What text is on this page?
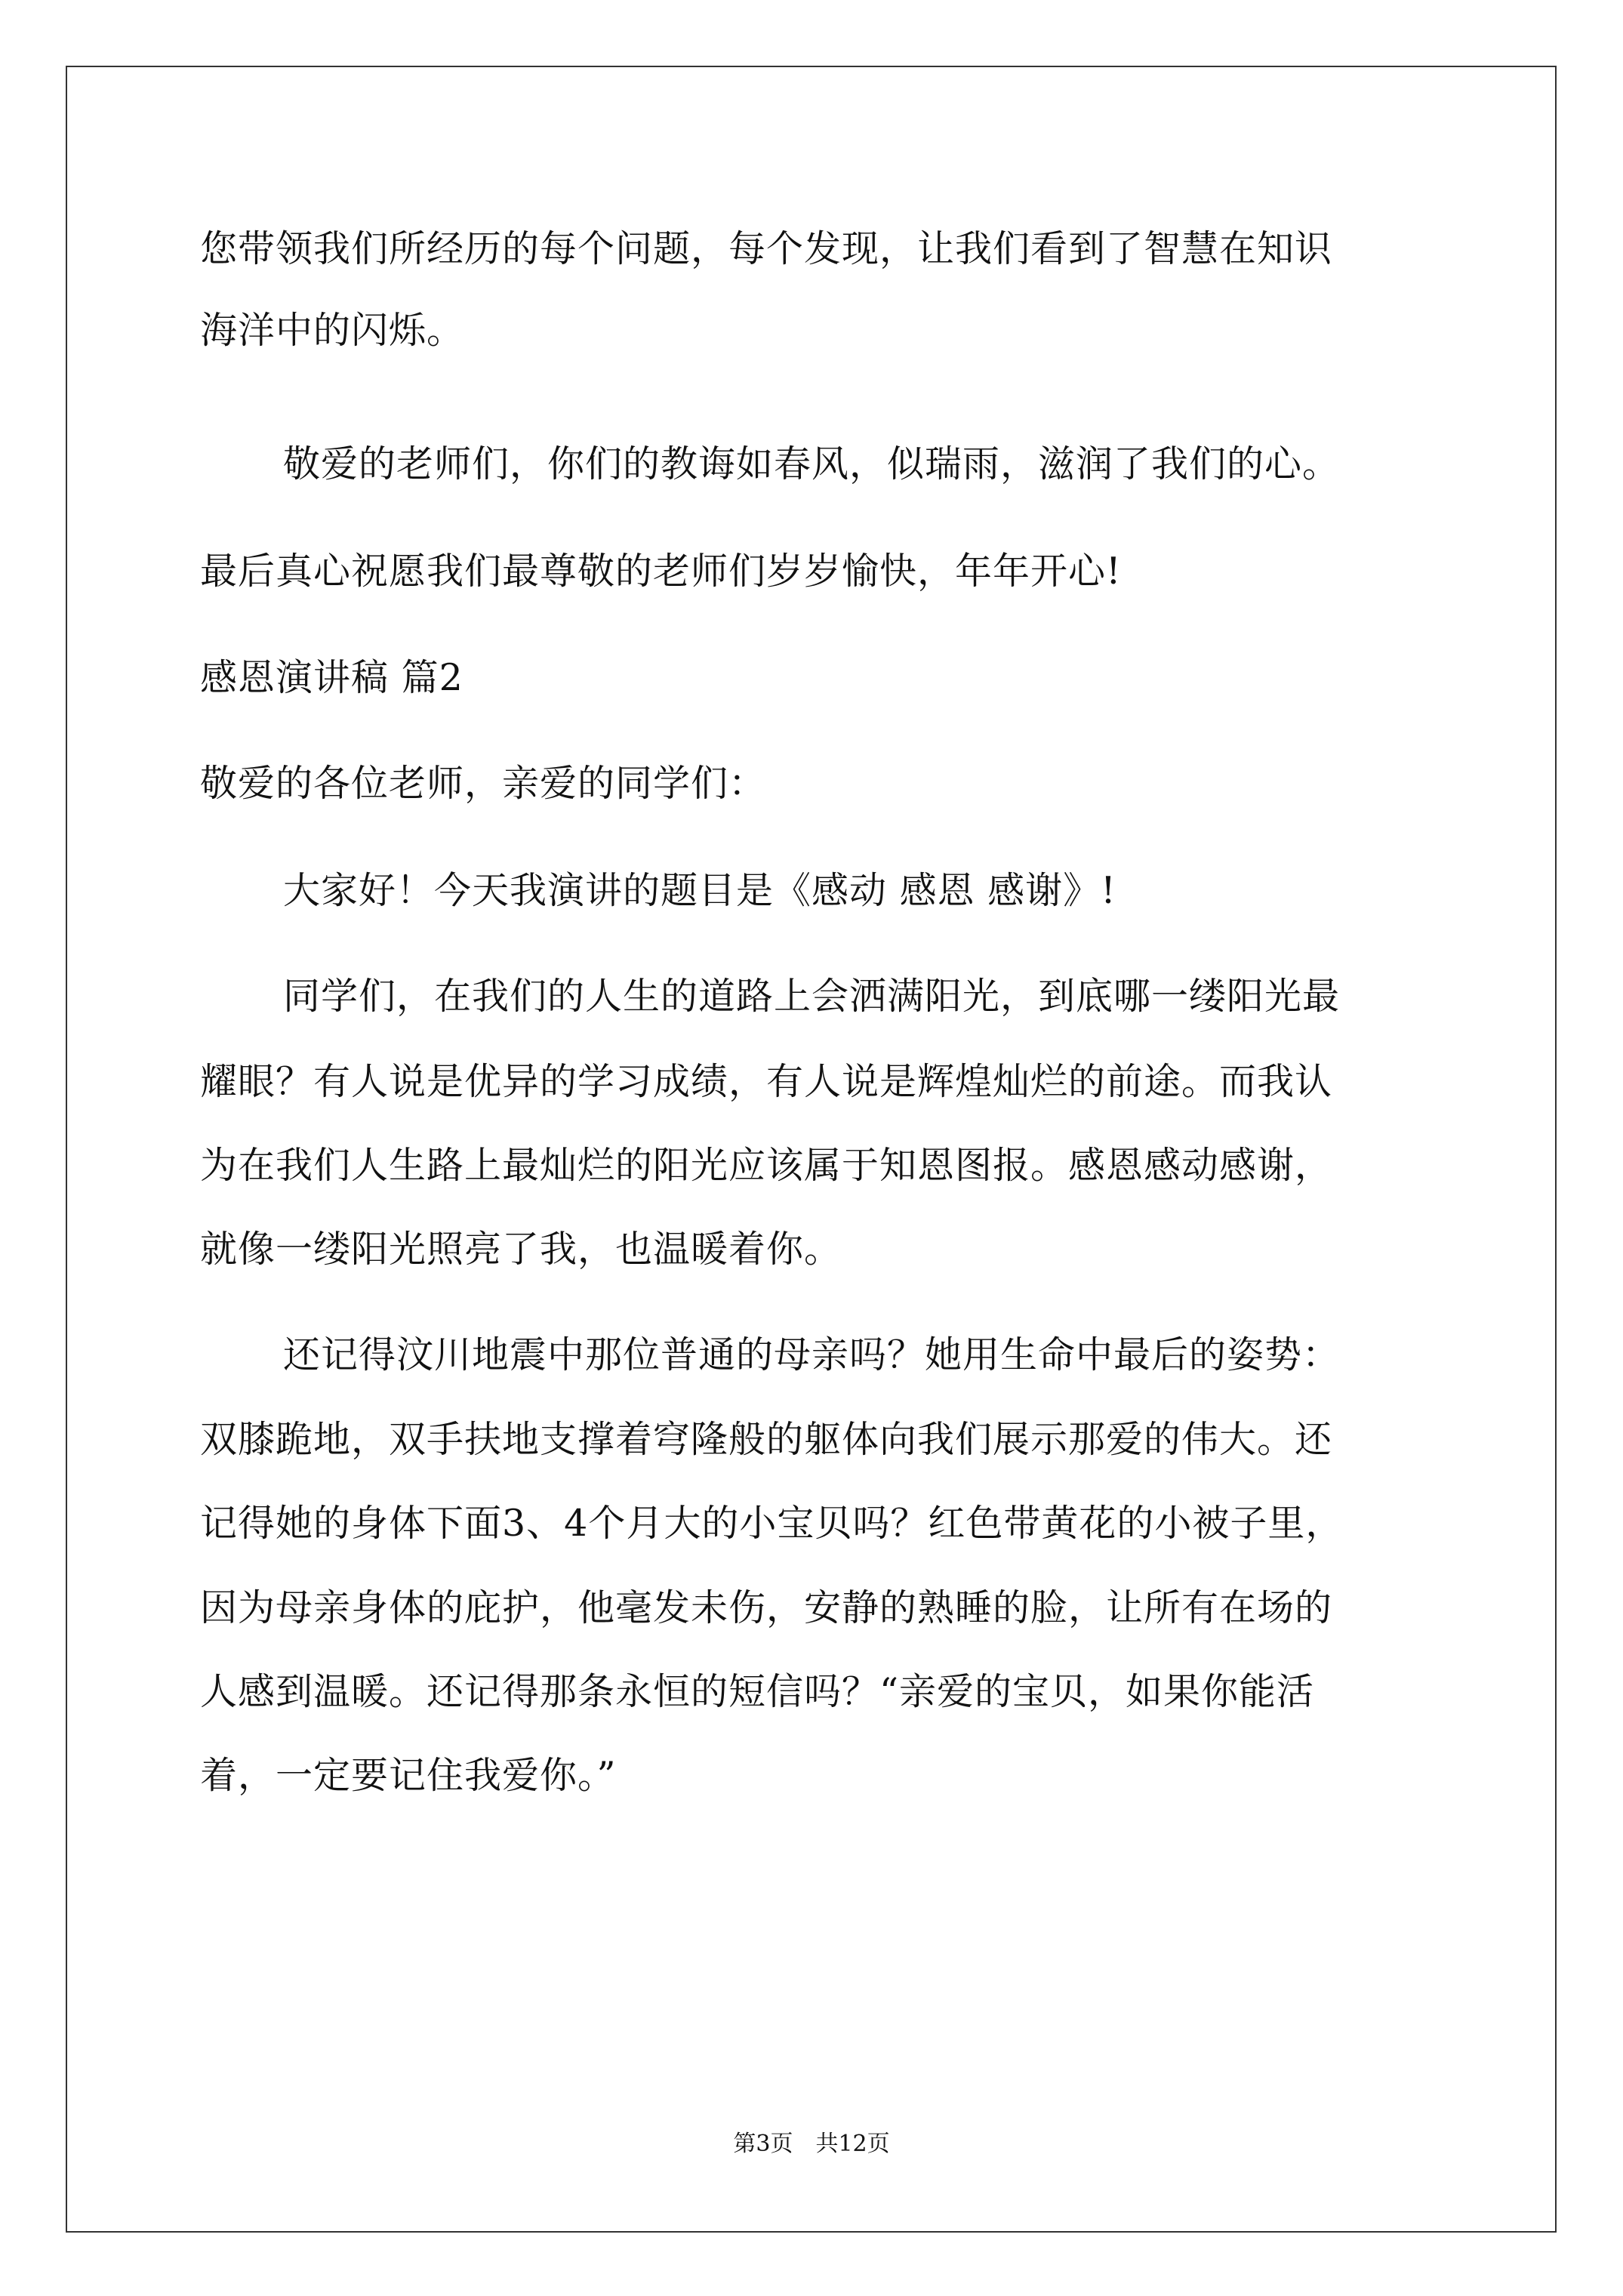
您带领我们所经历的每个问题，每个发现，让我们看到了智慧在知识
海洋中的闪烁。
敬爱的老师们，你们的教诲如春风，似瑞雨，滋润了我们的心。
最后真心祝愿我们最尊敬的老师们岁岁愉快，年年开心!
感恩演讲稿 篇2
敬爱的各位老师，亲爱的同学们：
大家好！今天我演讲的题目是《感动 感恩 感谢》!
同学们，在我们的人生的道路上会洒满阳光，到底哪一缕阳光最
耀眼？有人说是优异的学习成绩，有人说是辉煌灿烂的前途。而我认
为在我们人生路上最灿烂的阳光应该属于知恩图报。感恩感动感谢，
就像一缕阳光照亮了我，也温暖着你。
还记得汶川地震中那位普通的母亲吗？她用生命中最后的姿势：
双膝跪地，双手扶地支撑着穹隆般的躯体向我们展示那爱的伟大。还
记得她的身体下面3、4个月大的小宝贝吗？红色带黄花的小被子里，
因为母亲身体的庇护，他毫发未伤，安静的熟睡的脸，让所有在场的
人感到温暖。还记得那条永恒的短信吗？“亲爱的宝贝，如果你能活
着，一定要记住我爱你。”
第3页　共12页
